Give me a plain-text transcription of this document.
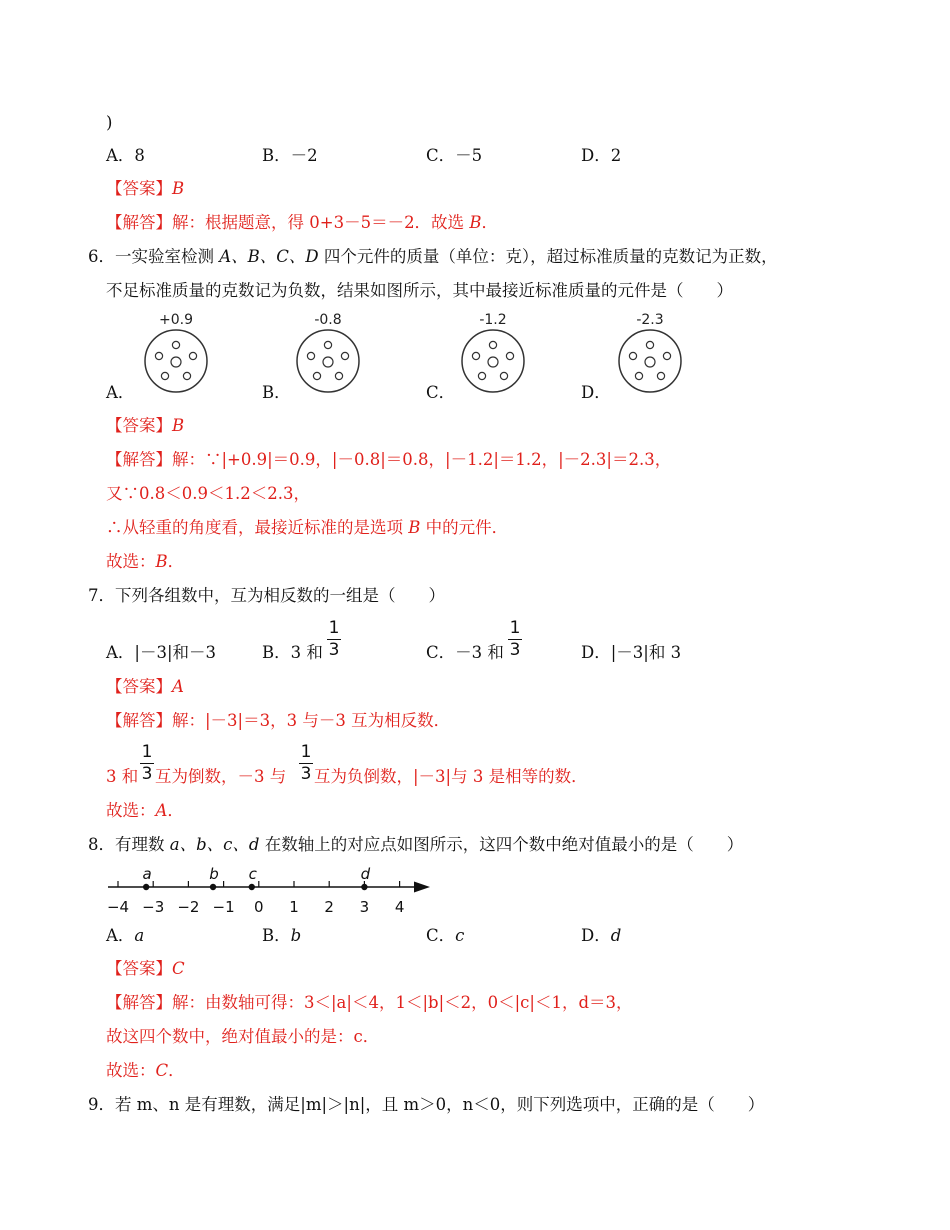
)
A．8	B．－2	C．－5	D．2
【答案】B
【解答】解：根据题意，得 0+3－5＝－2．故选 B．
6．一实验室检测 A、B、C、D 四个元件的质量（单位：克），超过标准质量的克数记为正数，
不足标准质量的克数记为负数，结果如图所示，其中最接近标准质量的元件是（　　）
+0.9
A．
-0.8
B．
-1.2
C．
-2.3
D．
【答案】B
【解答】解：∵|+0.9|＝0.9，|－0.8|＝0.8，|－1.2|＝1.2，|－2.3|＝2.3，
又∵0.8＜0.9＜1.2＜2.3，
∴从轻重的角度看，最接近标准的是选项 B 中的元件．
故选：B．
7．下列各组数中，互为相反数的一组是（　　）
A．|－3|和－3	B．3 和
1
3	C．－3 和
1
3	D．|－3|和 3
【答案】A
【解答】解：|－3|＝3，3 与－3 互为相反数．
3 和
1
3 互为倒数，－3 与
1
3 互为负倒数，|－3|与 3 是相等的数．
故选：A．
8．有理数 a、b、c、d 在数轴上的对应点如图所示，这四个数中绝对值最小的是（　　）
−4 −3 −2 −1 0 1 2 3 4
a	b c	d
A．a	B．b	C．c	D．d
【答案】C
【解答】解：由数轴可得：3＜|a|＜4，1＜|b|＜2，0＜|c|＜1，d＝3，
故这四个数中，绝对值最小的是：c．
故选：C．
9．若 m、n 是有理数，满足|m|＞|n|，且 m＞0，n＜0，则下列选项中，正确的是（　　）
